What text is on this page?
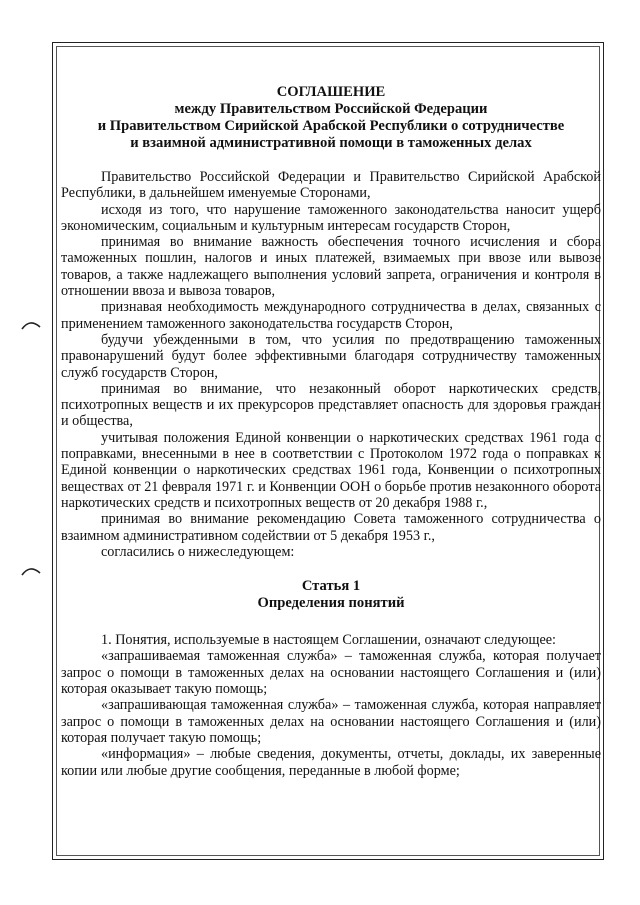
СОГЛАШЕНИЕ
между Правительством Российской Федерации
и Правительством Сирийской Арабской Республики о сотрудничестве
и взаимной административной помощи в таможенных делах

Правительство Российской Федерации и Правительство Сирийской Арабской Республики, в дальнейшем именуемые Сторонами,

исходя из того, что нарушение таможенного законодательства наносит ущерб экономическим, социальным и культурным интересам государств Сторон,

принимая во внимание важность обеспечения точного исчисления и сбора таможенных пошлин, налогов и иных платежей, взимаемых при ввозе или вывозе товаров, а также надлежащего выполнения условий запрета, ограничения и контроля в отношении ввоза и вывоза товаров,

признавая необходимость международного сотрудничества в делах, связанных с применением таможенного законодательства государств Сторон,

будучи убежденными в том, что усилия по предотвращению таможенных правонарушений будут более эффективными благодаря сотрудничеству таможенных служб государств Сторон,

принимая во внимание, что незаконный оборот наркотических средств, психотропных веществ и их прекурсоров представляет опасность для здоровья граждан и общества,

учитывая положения Единой конвенции о наркотических средствах 1961 года с поправками, внесенными в нее в соответствии с Протоколом 1972 года о поправках к Единой конвенции о наркотических средствах 1961 года, Конвенции о психотропных веществах от 21 февраля 1971 г. и Конвенции ООН о борьбе против незаконного оборота наркотических средств и психотропных веществ от 20 декабря 1988 г.,

принимая во внимание рекомендацию Совета таможенного сотрудничества о взаимном административном содействии от 5 декабря 1953 г.,

согласились о нижеследующем:

Статья 1
Определения понятий

1. Понятия, используемые в настоящем Соглашении, означают следующее:

«запрашиваемая таможенная служба» – таможенная служба, которая получает запрос о помощи в таможенных делах на основании настоящего Соглашения и (или) которая оказывает такую помощь;

«запрашивающая таможенная служба» – таможенная служба, которая направляет запрос о помощи в таможенных делах на основании настоящего Соглашения и (или) которая получает такую помощь;

«информация» – любые сведения, документы, отчеты, доклады, их заверенные копии или любые другие сообщения, переданные в любой форме;
